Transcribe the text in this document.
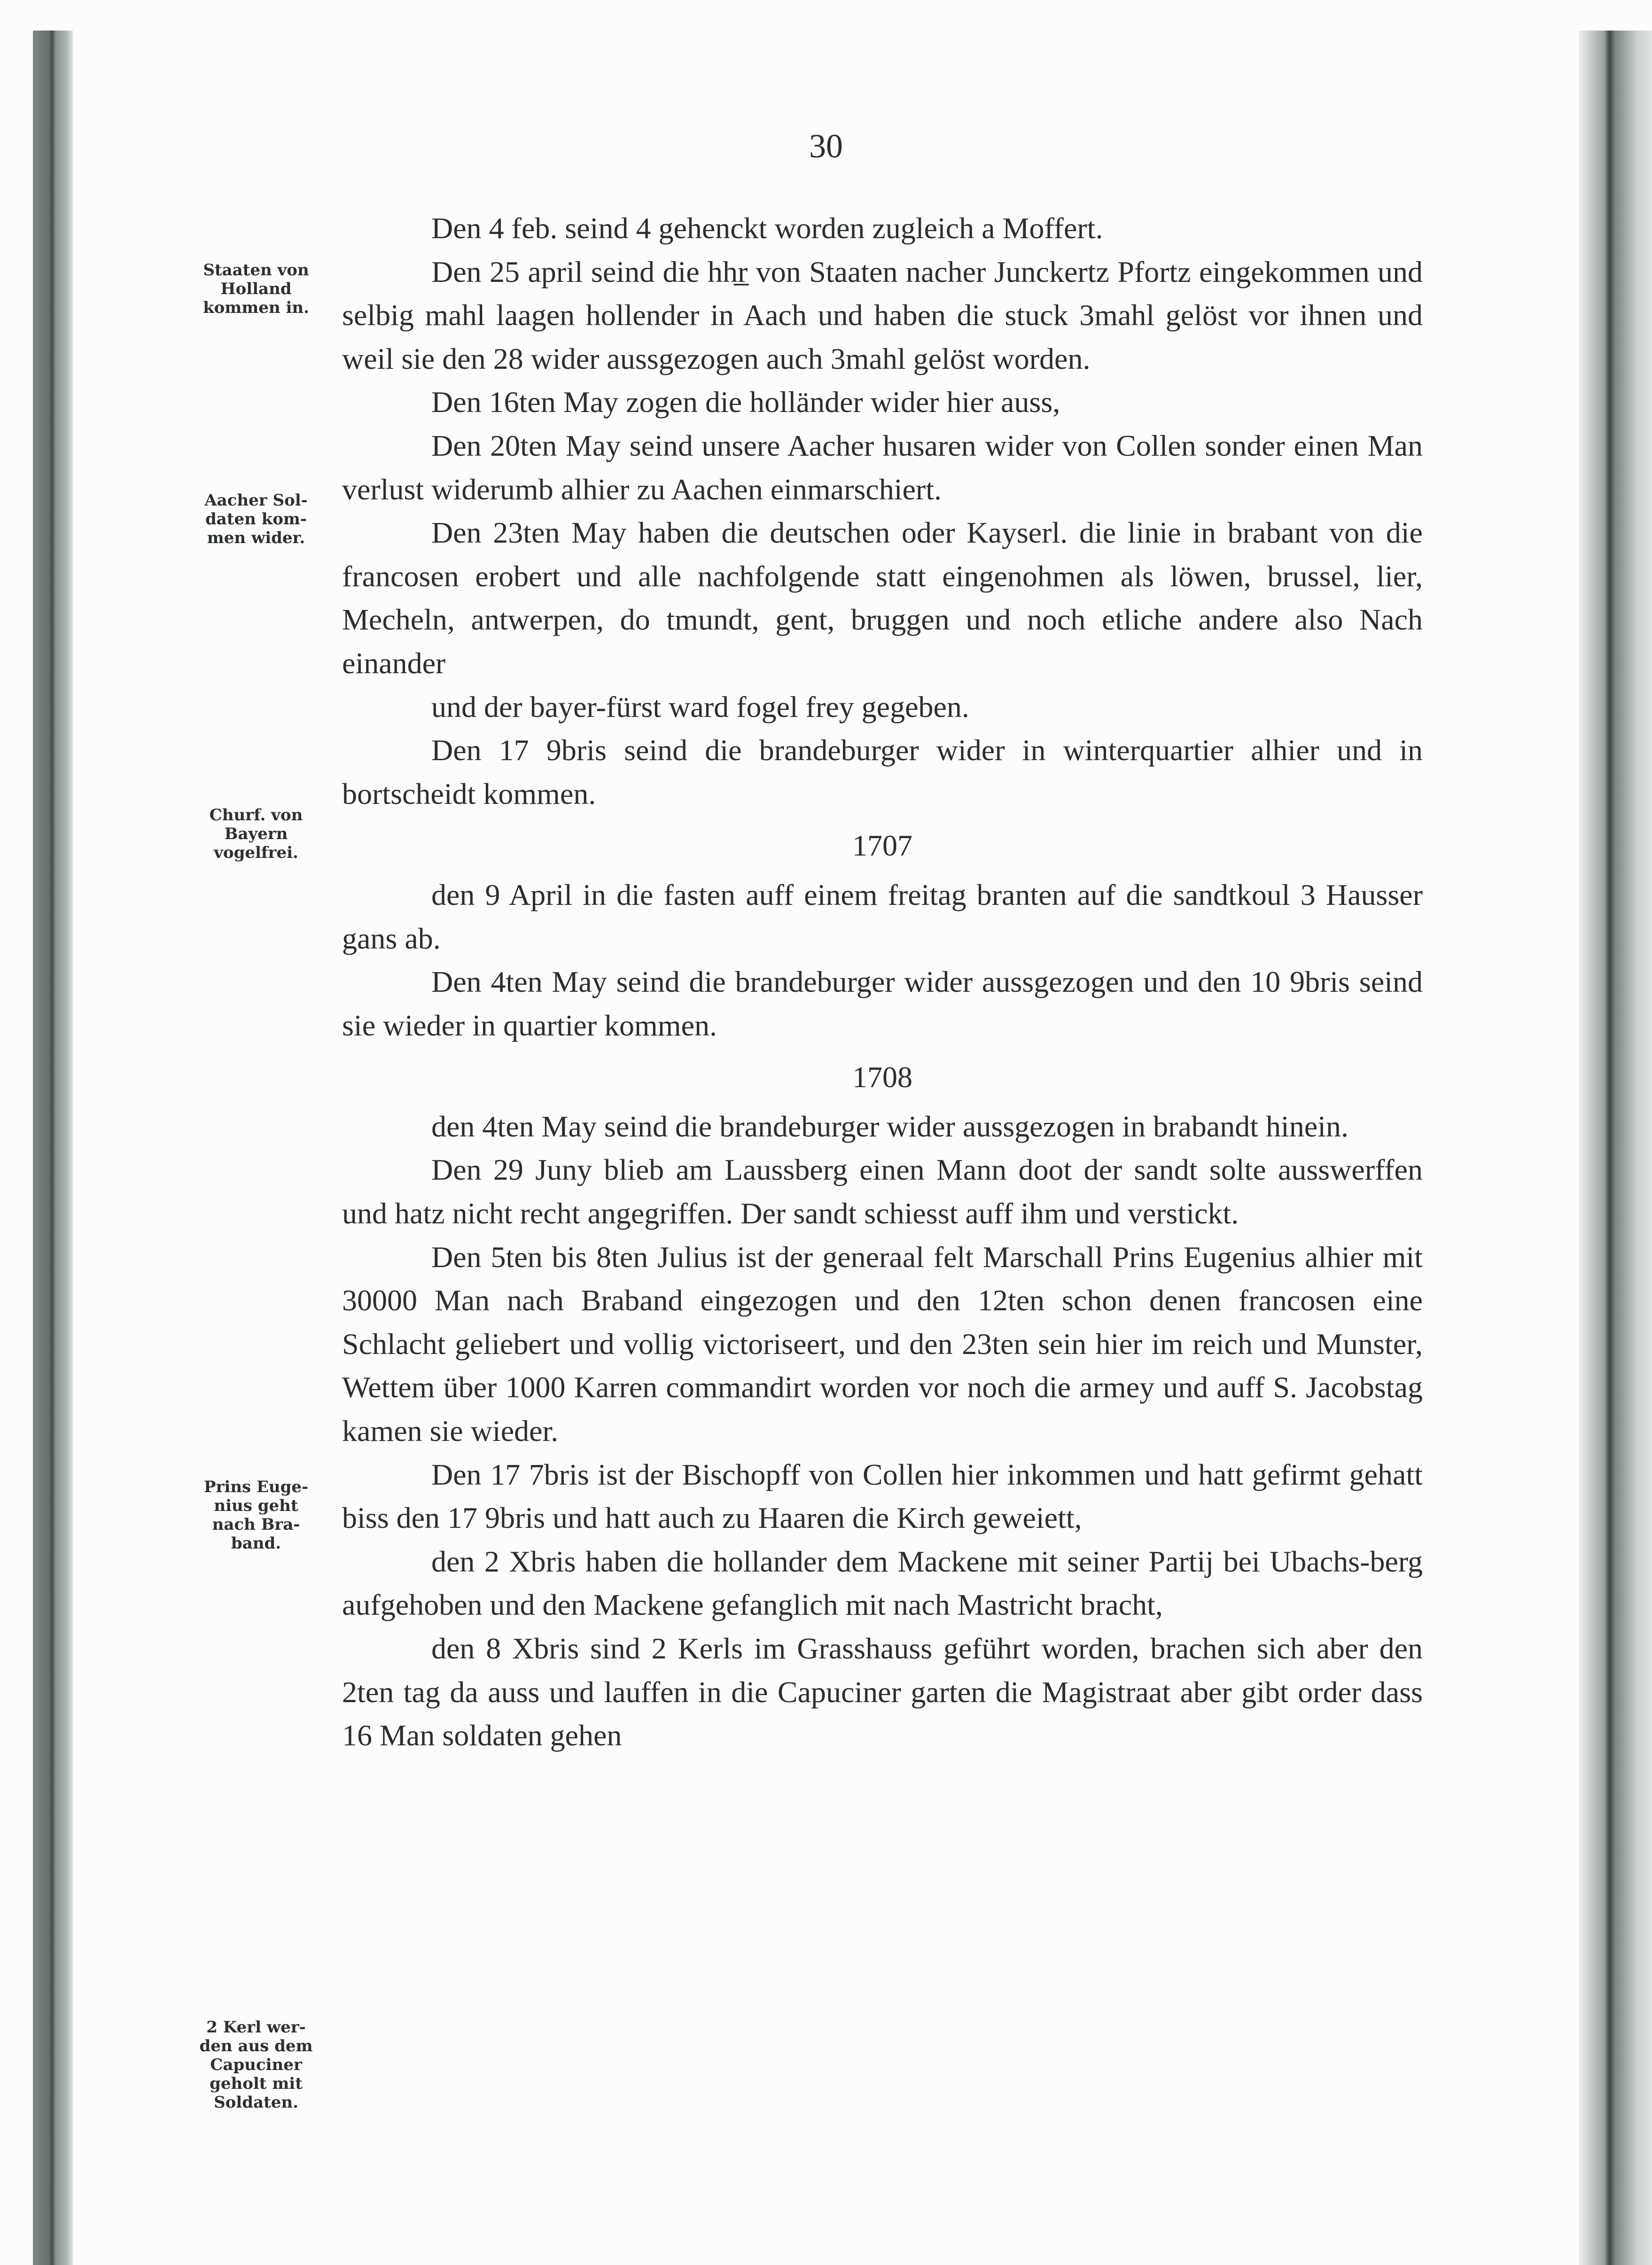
30
Staaten von
Holland
kommen in.
Aacher Sol-
daten kom-
men wider.
Churf. von
Bayern
vogelfrei.
Prins Euge-
nius geht
nach Bra-
band.
2 Kerl wer-
den aus dem
Capuciner
geholt mit
Soldaten.

Den 4 feb. seind 4 gehenckt worden zugleich a Moffert.

Den 25 april seind die hhr̲ von Staaten nacher Junckertz Pfortz eingekommen und selbig mahl laagen hollender in Aach und haben die stuck 3mahl gelöst vor ihnen und weil sie den 28 wider aussgezogen auch 3mahl gelöst worden.

Den 16ten May zogen die holländer wider hier auss,

Den 20ten May seind unsere Aacher husaren wider von Collen sonder einen Man verlust widerumb alhier zu Aachen einmarschiert.

Den 23ten May haben die deutschen oder Kayserl. die linie in brabant von die francosen erobert und alle nachfolgende statt eingenohmen als löwen, brussel, lier, Mecheln, antwerpen, do tmundt, gent, bruggen und noch etliche andere also Nach einander

und der bayer-fürst ward fogel frey gegeben.

Den 17 9bris seind die brandeburger wider in winterquartier alhier und in bortscheidt kommen.

1707

den 9 April in die fasten auff einem freitag branten auf die sandtkoul 3 Hausser gans ab.

Den 4ten May seind die brandeburger wider aussgezogen und den 10 9bris seind sie wieder in quartier kommen.

1708

den 4ten May seind die brandeburger wider aussgezogen in brabandt hinein.

Den 29 Juny blieb am Laussberg einen Mann doot der sandt solte ausswerffen und hatz nicht recht angegriffen. Der sandt schiesst auff ihm und verstickt.

Den 5ten bis 8ten Julius ist der generaal felt Marschall Prins Eugenius alhier mit 30000 Man nach Braband eingezogen und den 12ten schon denen francosen eine Schlacht geliebert und vollig victoriseert, und den 23ten sein hier im reich und Munster, Wettem über 1000 Karren commandirt worden vor noch die armey und auff S. Jacobstag kamen sie wieder.

Den 17 7bris ist der Bischopff von Collen hier inkommen und hatt gefirmt gehatt biss den 17 9bris und hatt auch zu Haaren die Kirch geweiett,

den 2 Xbris haben die hollander dem Mackene mit seiner Partij bei Ubachs-berg aufgehoben und den Mackene gefanglich mit nach Mastricht bracht,

den 8 Xbris sind 2 Kerls im Grasshauss geführt worden, brachen sich aber den 2ten tag da auss und lauffen in die Capuciner garten die Magistraat aber gibt order dass 16 Man soldaten gehen
